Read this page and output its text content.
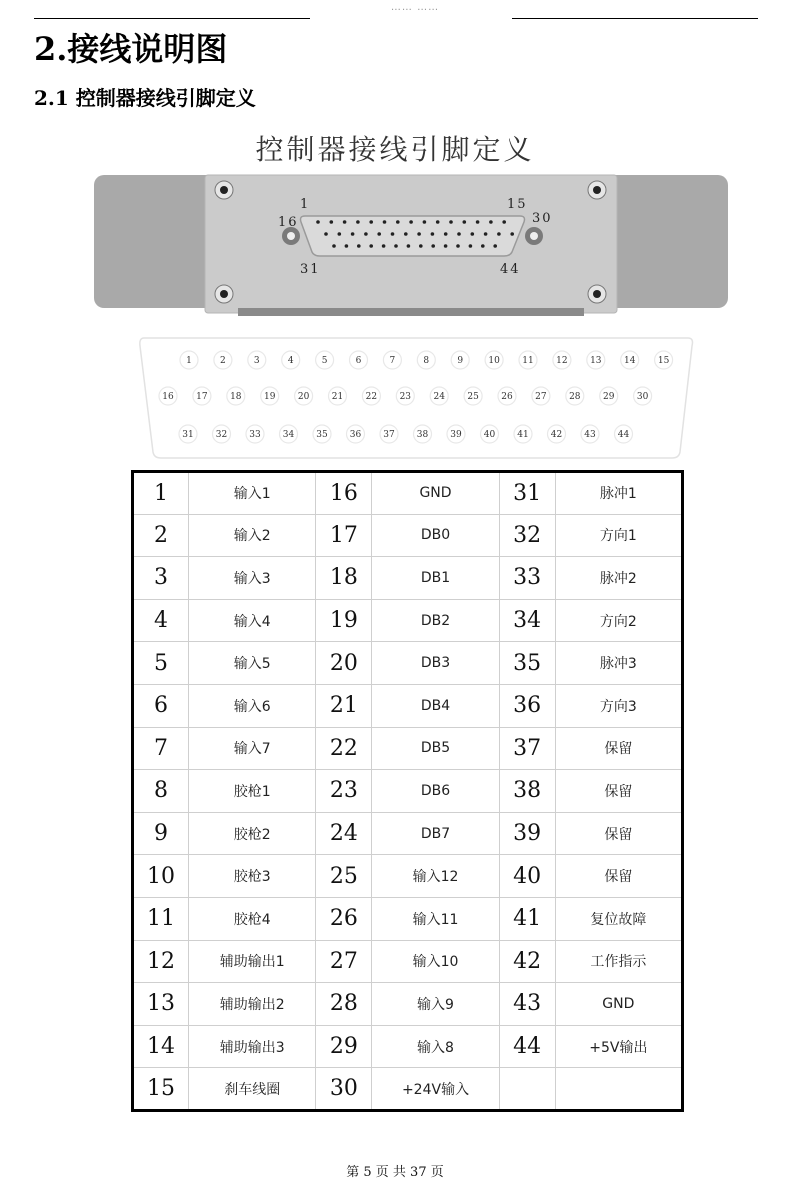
…… ……
2.接线说明图
2.1 控制器接线引脚定义
控制器接线引脚定义
1	15
16	30
31	44
1	2	3	4	5	6	7	8	9	10 11 12 13 14 15
16 17 18 19 20 21 22 23 24 25 26 27 28 29 30
31 32 33 34 35 36 37 38 39 40 41 42 43 44
1	输入1	16	GND	31	脉冲1
2	输入2	17	DB0	32	方向1
3	输入3	18	DB1	33	脉冲2
4	输入4	19	DB2	34	方向2
5	输入5	20	DB3	35	脉冲3
6	输入6	21	DB4	36	方向3
7	输入7	22	DB5	37	保留
8	胶枪1	23	DB6	38	保留
9	胶枪2	24	DB7	39	保留
10	胶枪3	25	输入12	40	保留
11	胶枪4	26	输入11	41	复位故障
12	辅助输出1	27	输入10	42	工作指示
13	辅助输出2	28	输入9	43	GND
14	辅助输出3	29	输入8	44	+5V输出
15	刹车线圈	30	+24V输入		
第 5 页 共 37 页
